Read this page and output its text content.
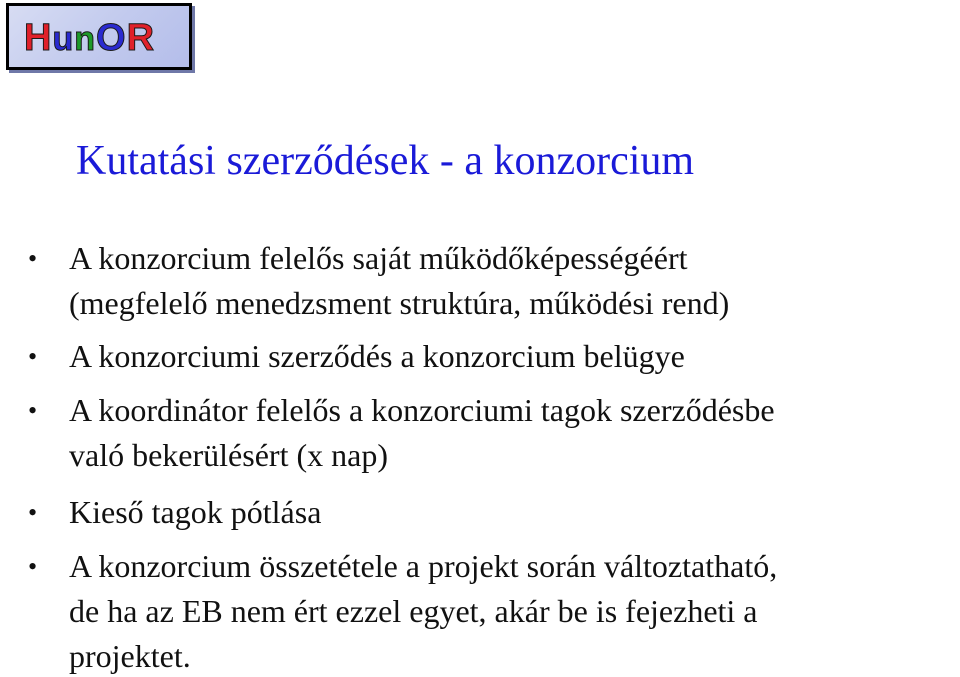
HunOR
Kutatási szerződések - a konzorcium
• A konzorcium felelős saját működőképességéért
(megfelelő menedzsment struktúra, működési rend)
• A konzorciumi szerződés a konzorcium belügye
• A koordinátor felelős a konzorciumi tagok szerződésbe
való bekerülésért (x nap)
• Kieső tagok pótlása
• A konzorcium összetétele a projekt során változtatható,
de ha az EB nem ért ezzel egyet, akár be is fejezheti a
projektet.
